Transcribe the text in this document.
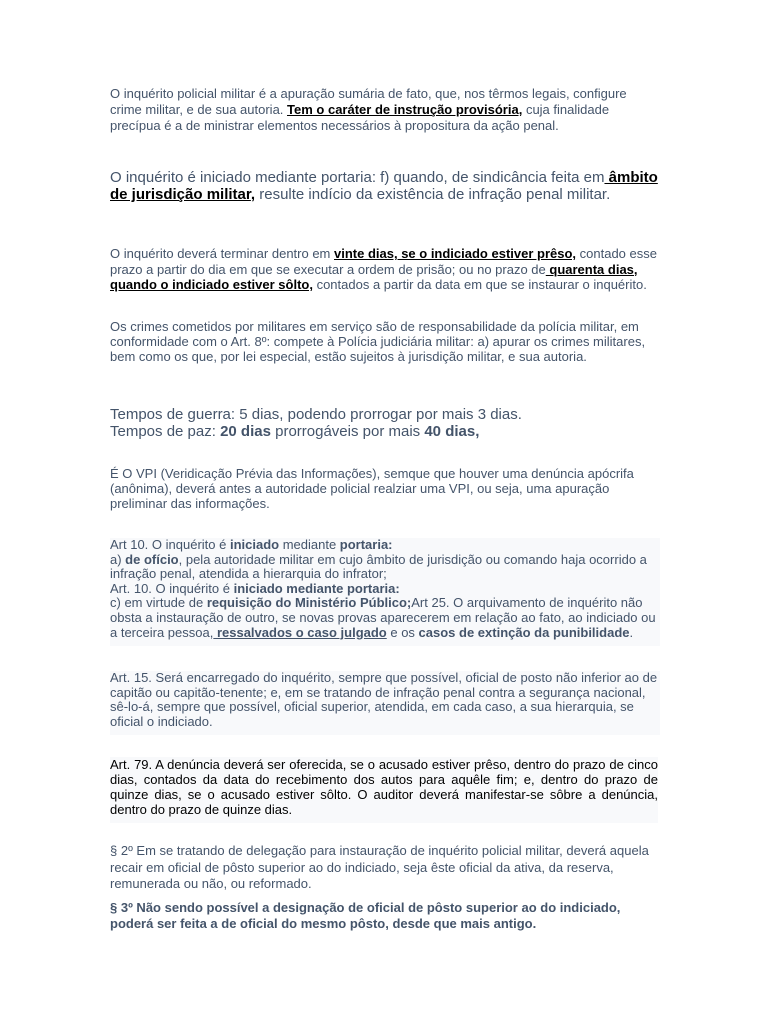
O inquérito policial militar é a apuração sumária de fato, que, nos têrmos legais, configure crime militar, e de sua autoria. Tem o caráter de instrução provisória, cuja finalidade precípua é a de ministrar elementos necessários à propositura da ação penal.
O inquérito é iniciado mediante portaria: f) quando, de sindicância feita em âmbito de jurisdição militar, resulte indício da existência de infração penal militar.
O inquérito deverá terminar dentro em vinte dias, se o indiciado estiver prêso, contado esse prazo a partir do dia em que se executar a ordem de prisão; ou no prazo de quarenta dias, quando o indiciado estiver sôlto, contados a partir da data em que se instaurar o inquérito.
Os crimes cometidos por militares em serviço são de responsabilidade da polícia militar, em conformidade com o Art. 8º: compete à Polícia judiciária militar: a) apurar os crimes militares, bem como os que, por lei especial, estão sujeitos à jurisdição militar, e sua autoria.
Tempos de guerra: 5 dias, podendo prorrogar por mais 3 dias.
Tempos de paz: 20 dias prorrogáveis por mais 40 dias,
É O VPI (Veridicação Prévia das Informações), semque que houver uma denúncia apócrifa (anônima), deverá antes a autoridade policial realziar uma VPI, ou seja, uma apuração preliminar das informações.
Art 10. O inquérito é iniciado mediante portaria:
a) de ofício, pela autoridade militar em cujo âmbito de jurisdição ou comando haja ocorrido a infração penal, atendida a hierarquia do infrator;
Art. 10. O inquérito é iniciado mediante portaria:
c) em virtude de requisição do Ministério Público;Art 25. O arquivamento de inquérito não obsta a instauração de outro, se novas provas aparecerem em relação ao fato, ao indiciado ou a terceira pessoa, ressalvados o caso julgado e os casos de extinção da punibilidade.
Art. 15. Será encarregado do inquérito, sempre que possível, oficial de posto não inferior ao de capitão ou capitão-tenente; e, em se tratando de infração penal contra a segurança nacional, sê-lo-á, sempre que possível, oficial superior, atendida, em cada caso, a sua hierarquia, se oficial o indiciado.
Art. 79. A denúncia deverá ser oferecida, se o acusado estiver prêso, dentro do prazo de cinco dias, contados da data do recebimento dos autos para aquêle fim; e, dentro do prazo de quinze dias, se o acusado estiver sôlto. O auditor deverá manifestar-se sôbre a denúncia, dentro do prazo de quinze dias.
§ 2º Em se tratando de delegação para instauração de inquérito policial militar, deverá aquela recair em oficial de pôsto superior ao do indiciado, seja êste oficial da ativa, da reserva, remunerada ou não, ou reformado.
§ 3º Não sendo possível a designação de oficial de pôsto superior ao do indiciado, poderá ser feita a de oficial do mesmo pôsto, desde que mais antigo.
